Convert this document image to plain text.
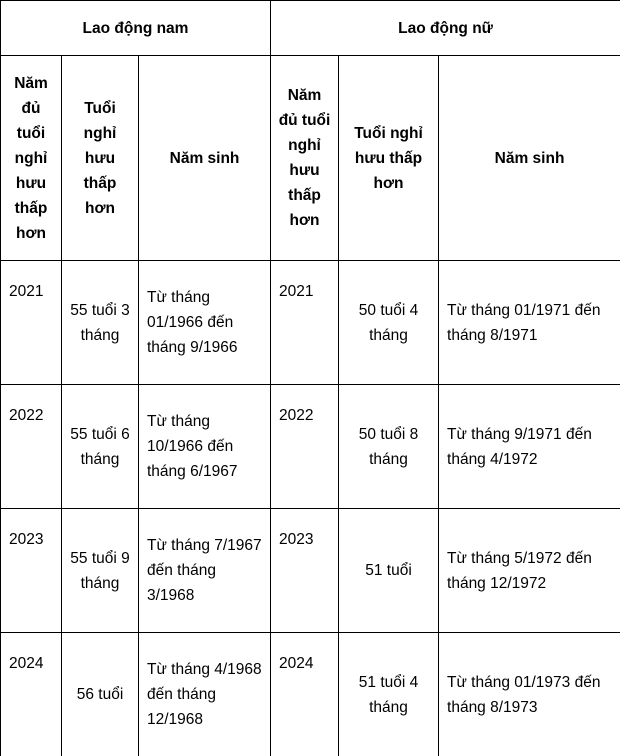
Lao động nam			Lao động nữ		
Năm đủ tuổi nghỉ hưu thấp hơn	Tuổi nghỉ hưu thấp hơn	Năm sinh	Năm đủ tuổi nghỉ hưu thấp hơn	Tuổi nghỉ hưu thấp hơn	Năm sinh
2021	55 tuổi 3 tháng	Từ tháng 01/1966 đến tháng 9/1966	2021	50 tuổi 4 tháng	Từ tháng 01/1971 đến tháng 8/1971
2022	55 tuổi 6 tháng	Từ tháng 10/1966 đến tháng 6/1967	2022	50 tuổi 8 tháng	Từ tháng 9/1971 đến tháng 4/1972
2023	55 tuổi 9 tháng	Từ tháng 7/1967 đến tháng 3/1968	2023	51 tuổi	Từ tháng 5/1972 đến tháng 12/1972
2024	56 tuổi	Từ tháng 4/1968 đến tháng 12/1968	2024	51 tuổi 4 tháng	Từ tháng 01/1973 đến tháng 8/1973
